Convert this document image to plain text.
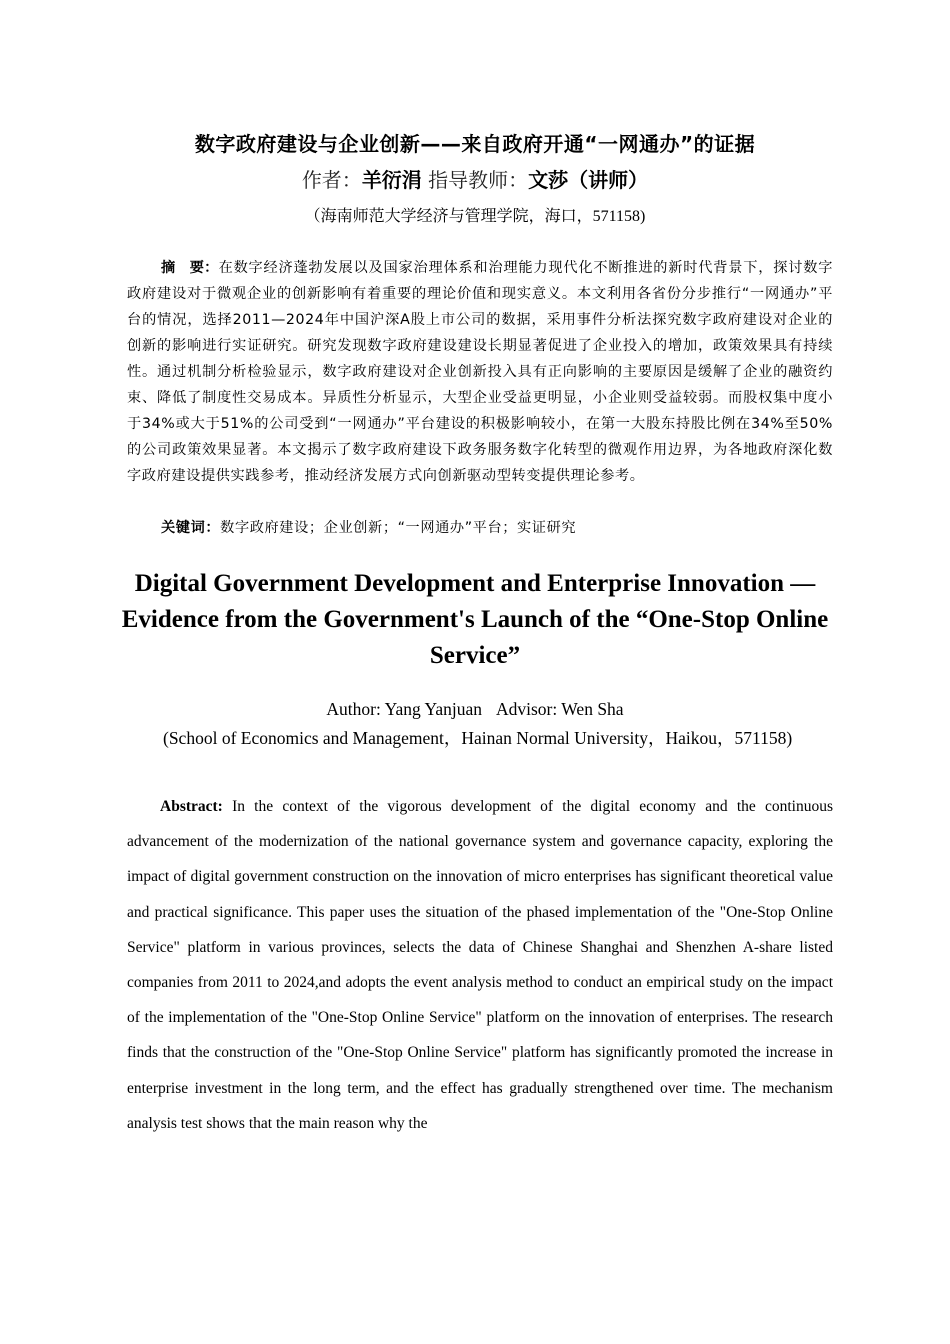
数字政府建设与企业创新——来自政府开通“一网通办”的证据
作者：羊衍涓 指导教师：文莎（讲师）
（海南师范大学经济与管理学院，海口，571158)
摘　要：在数字经济蓬勃发展以及国家治理体系和治理能力现代化不断推进的新时代背景下，探讨数字政府建设对于微观企业的创新影响有着重要的理论价值和现实意义。本文利用各省份分步推行“一网通办”平台的情况，选择2011—2024年中国沪深A股上市公司的数据，采用事件分析法探究数字政府建设对企业的创新的影响进行实证研究。研究发现数字政府建设建设长期显著促进了企业投入的增加，政策效果具有持续性。通过机制分析检验显示，数字政府建设对企业创新投入具有正向影响的主要原因是缓解了企业的融资约束、降低了制度性交易成本。异质性分析显示，大型企业受益更明显，小企业则受益较弱。而股权集中度小于34%或大于51%的公司受到“一网通办”平台建设的积极影响较小，在第一大股东持股比例在34%至50%的公司政策效果显著。本文揭示了数字政府建设下政务服务数字化转型的微观作用边界，为各地政府深化数字政府建设提供实践参考，推动经济发展方式向创新驱动型转变提供理论参考。
关键词：数字政府建设；企业创新；“一网通办”平台；实证研究
Digital Government Development and Enterprise Innovation — Evidence from the Government's Launch of the “One-Stop Online Service”
Author: Yang Yanjuan Advisor: Wen Sha
(School of Economics and Management，Hainan Normal University，Haikou，571158)
Abstract: In the context of the vigorous development of the digital economy and the continuous advancement of the modernization of the national governance system and governance capacity, exploring the impact of digital government construction on the innovation of micro enterprises has significant theoretical value and practical significance. This paper uses the situation of the phased implementation of the "One-Stop Online Service" platform in various provinces, selects the data of Chinese Shanghai and Shenzhen A-share listed companies from 2011 to 2024,and adopts the event analysis method to conduct an empirical study on the impact of the implementation of the "One-Stop Online Service" platform on the innovation of enterprises. The research finds that the construction of the "One-Stop Online Service" platform has significantly promoted the increase in enterprise investment in the long term, and the effect has gradually strengthened over time. The mechanism analysis test shows that the main reason why the
